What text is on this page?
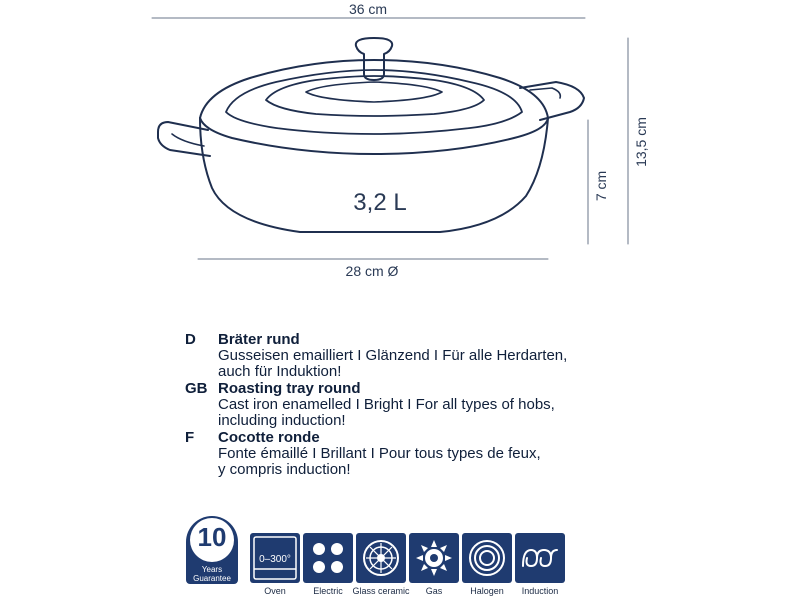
36 cm
3,2 L
28 cm Ø
7 cm
13,5 cm
D Bräter rund
Gusseisen emailliert I Glänzend I Für alle Herdarten,
auch für Induktion!
GB Roasting tray round
Cast iron enamelled I Bright I For all types of hobs,
including induction!
F Cocotte ronde
Fonte émaillé I Brillant I Pour tous types de feux,
y compris induction!
10
Years
Guarantee
0–300°
Oven	Electric	Glass ceramic	Gas	Halogen	Induction
